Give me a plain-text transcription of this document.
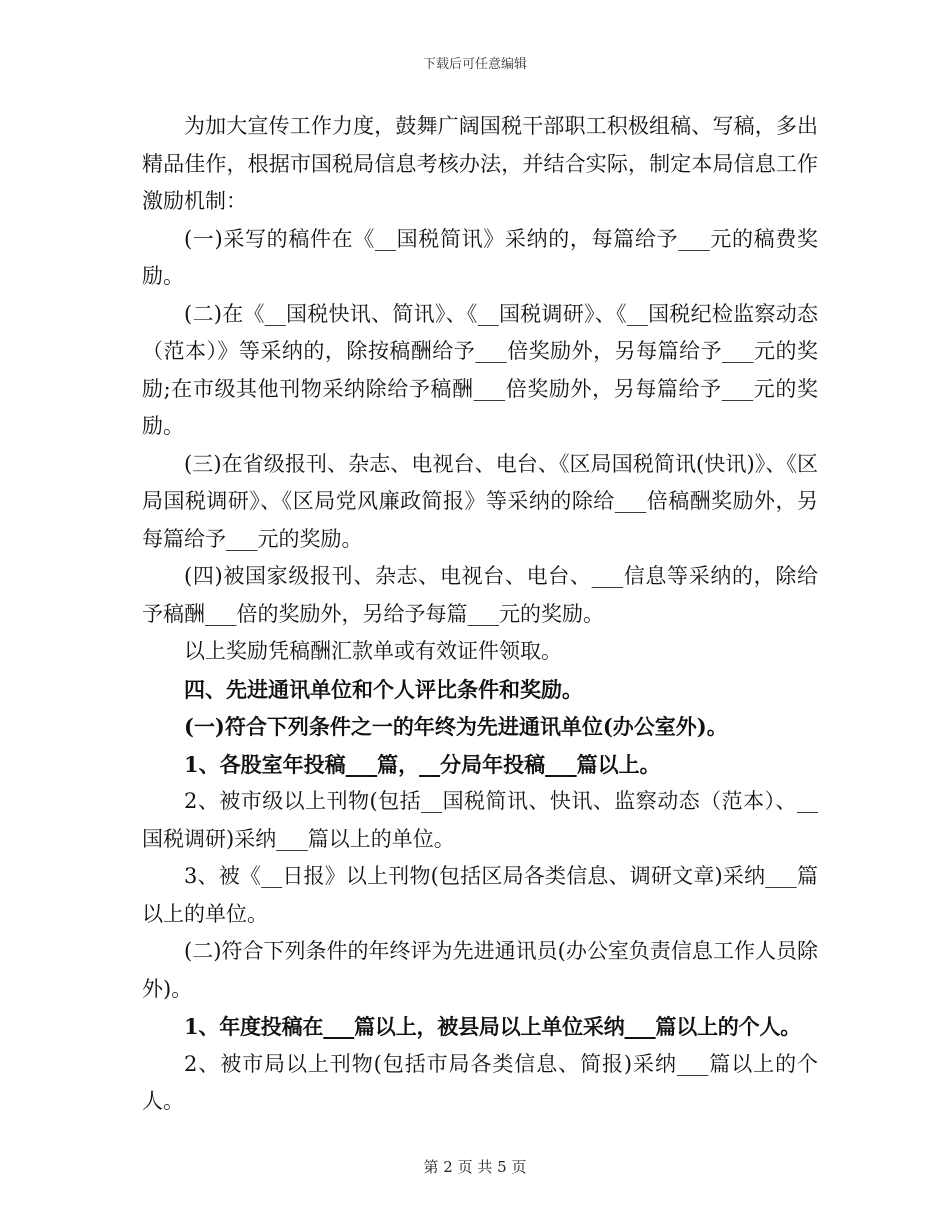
下载后可任意编辑

为加大宣传工作力度，鼓舞广阔国税干部职工积极组稿、写稿，多出精品佳作，根据市国税局信息考核办法，并结合实际，制定本局信息工作激励机制：

(一)采写的稿件在《__国税简讯》采纳的，每篇给予___元的稿费奖励。

(二)在《__国税快讯、简讯》、《__国税调研》、《__国税纪检监察动态（范本）》等采纳的，除按稿酬给予___倍奖励外，另每篇给予___元的奖励;在市级其他刊物采纳除给予稿酬___倍奖励外，另每篇给予___元的奖励。

(三)在省级报刊、杂志、电视台、电台、《区局国税简讯(快讯)》、《区局国税调研》、《区局党风廉政简报》等采纳的除给___倍稿酬奖励外，另每篇给予___元的奖励。

(四)被国家级报刊、杂志、电视台、电台、___信息等采纳的，除给予稿酬___倍的奖励外，另给予每篇___元的奖励。

以上奖励凭稿酬汇款单或有效证件领取。

四、先进通讯单位和个人评比条件和奖励。

(一)符合下列条件之一的年终为先进通讯单位(办公室外)。

1、各股室年投稿___篇，__分局年投稿___篇以上。

2、被市级以上刊物(包括__国税简讯、快讯、监察动态（范本）、__国税调研)采纳___篇以上的单位。

3、被《__日报》以上刊物(包括区局各类信息、调研文章)采纳___篇以上的单位。

(二)符合下列条件的年终评为先进通讯员(办公室负责信息工作人员除外)。

1、年度投稿在___篇以上，被县局以上单位采纳___篇以上的个人。

2、被市局以上刊物(包括市局各类信息、简报)采纳___篇以上的个人。

第 2 页 共 5 页
